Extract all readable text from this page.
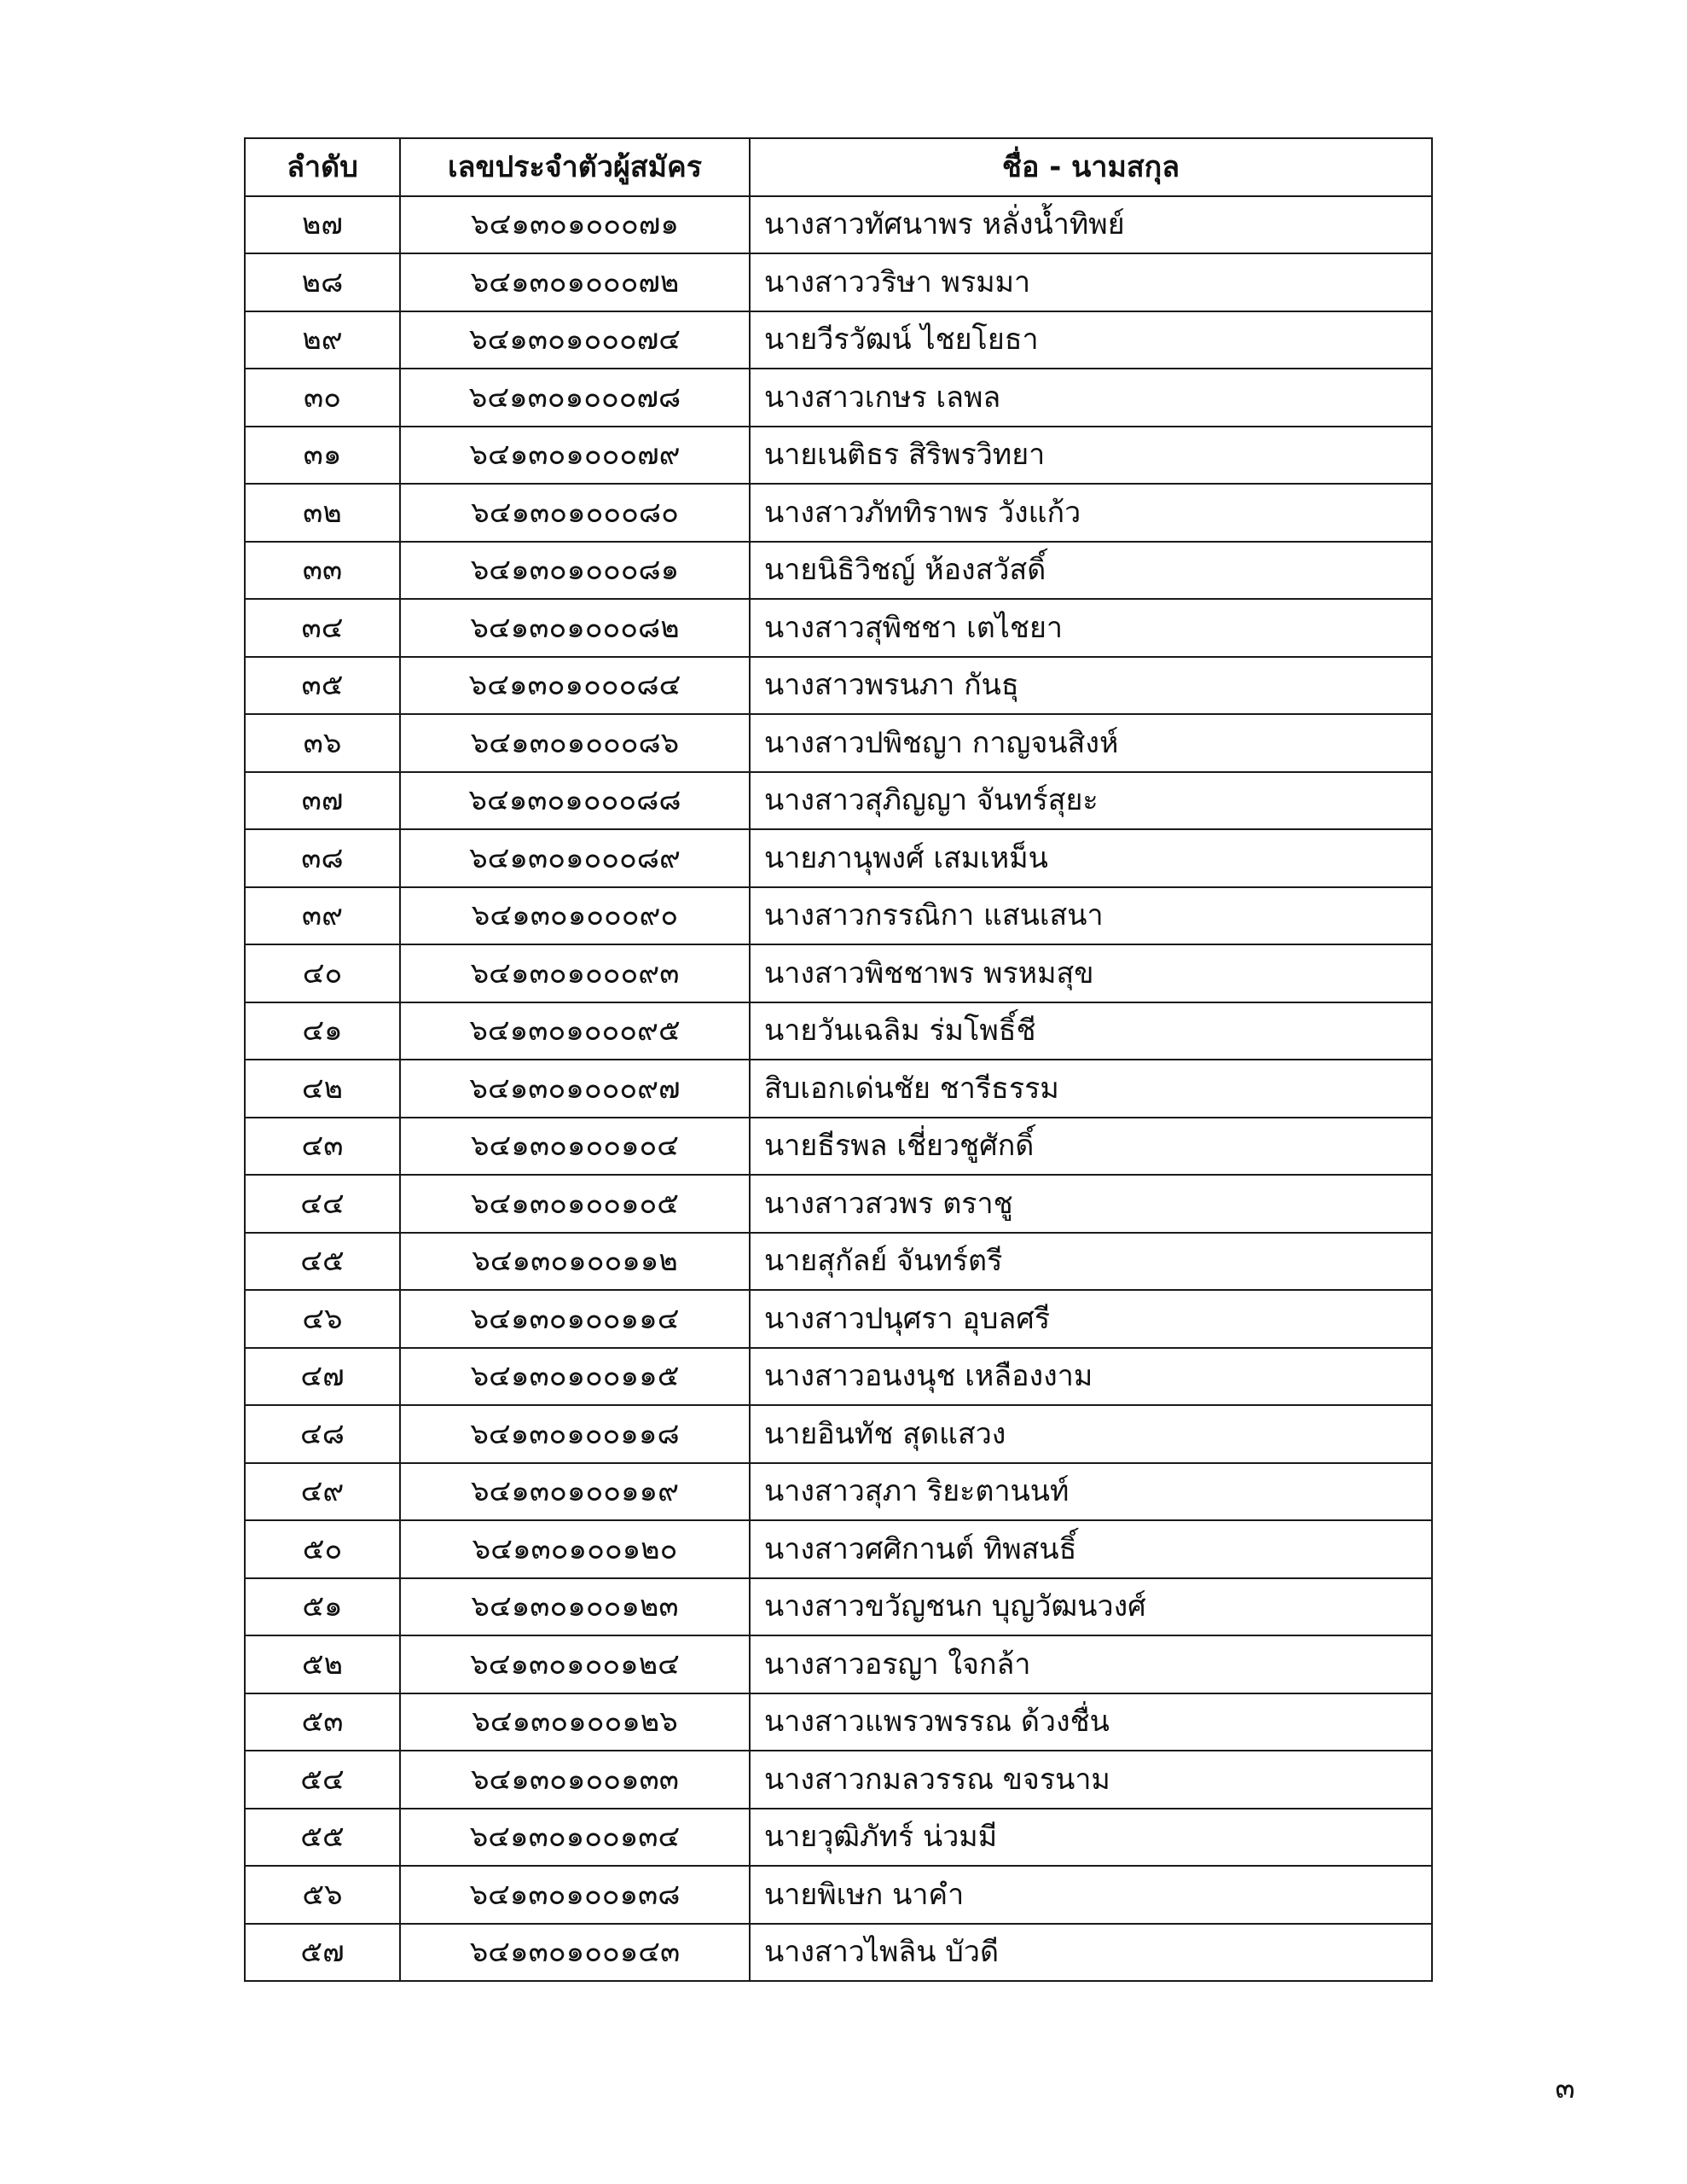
ลำดับ	เลขประจำตัวผู้สมัคร	ชื่อ - นามสกุล
๒๗	๖๔๑๓๐๑๐๐๐๗๑	นางสาวทัศนาพร หลั่งน้ำทิพย์
๒๘	๖๔๑๓๐๑๐๐๐๗๒	นางสาววริษา พรมมา
๒๙	๖๔๑๓๐๑๐๐๐๗๔	นายวีรวัฒน์ ไชยโยธา
๓๐	๖๔๑๓๐๑๐๐๐๗๘	นางสาวเกษร เลพล
๓๑	๖๔๑๓๐๑๐๐๐๗๙	นายเนติธร สิริพรวิทยา
๓๒	๖๔๑๓๐๑๐๐๐๘๐	นางสาวภัททิราพร วังแก้ว
๓๓	๖๔๑๓๐๑๐๐๐๘๑	นายนิธิวิชญ์ ห้องสวัสดิ์
๓๔	๖๔๑๓๐๑๐๐๐๘๒	นางสาวสุพิชชา เตไชยา
๓๕	๖๔๑๓๐๑๐๐๐๘๔	นางสาวพรนภา กันธุ
๓๖	๖๔๑๓๐๑๐๐๐๘๖	นางสาวปพิชญา กาญจนสิงห์
๓๗	๖๔๑๓๐๑๐๐๐๘๘	นางสาวสุภิญญา จันทร์สุยะ
๓๘	๖๔๑๓๐๑๐๐๐๘๙	นายภานุพงศ์ เสมเหม็น
๓๙	๖๔๑๓๐๑๐๐๐๙๐	นางสาวกรรณิกา แสนเสนา
๔๐	๖๔๑๓๐๑๐๐๐๙๓	นางสาวพิชชาพร พรหมสุข
๔๑	๖๔๑๓๐๑๐๐๐๙๕	นายวันเฉลิม ร่มโพธิ์ชี
๔๒	๖๔๑๓๐๑๐๐๐๙๗	สิบเอกเด่นชัย ชารีธรรม
๔๓	๖๔๑๓๐๑๐๐๑๐๔	นายธีรพล เชี่ยวชูศักดิ์
๔๔	๖๔๑๓๐๑๐๐๑๐๕	นางสาวสวพร ตราชู
๔๕	๖๔๑๓๐๑๐๐๑๑๒	นายสุกัลย์ จันทร์ตรี
๔๖	๖๔๑๓๐๑๐๐๑๑๔	นางสาวปนุศรา อุบลศรี
๔๗	๖๔๑๓๐๑๐๐๑๑๕	นางสาวอนงนุช เหลืองงาม
๔๘	๖๔๑๓๐๑๐๐๑๑๘	นายอินทัช สุดแสวง
๔๙	๖๔๑๓๐๑๐๐๑๑๙	นางสาวสุภา ริยะตานนท์
๕๐	๖๔๑๓๐๑๐๐๑๒๐	นางสาวศศิกานต์ ทิพสนธิ์
๕๑	๖๔๑๓๐๑๐๐๑๒๓	นางสาวขวัญชนก บุญวัฒนวงศ์
๕๒	๖๔๑๓๐๑๐๐๑๒๔	นางสาวอรญา ใจกล้า
๕๓	๖๔๑๓๐๑๐๐๑๒๖	นางสาวแพรวพรรณ ด้วงชื่น
๕๔	๖๔๑๓๐๑๐๐๑๓๓	นางสาวกมลวรรณ ขจรนาม
๕๕	๖๔๑๓๐๑๐๐๑๓๔	นายวุฒิภัทร์ น่วมมี
๕๖	๖๔๑๓๐๑๐๐๑๓๘	นายพิเษก นาคำ
๕๗	๖๔๑๓๐๑๐๐๑๔๓	นางสาวไพลิน บัวดี
๓
